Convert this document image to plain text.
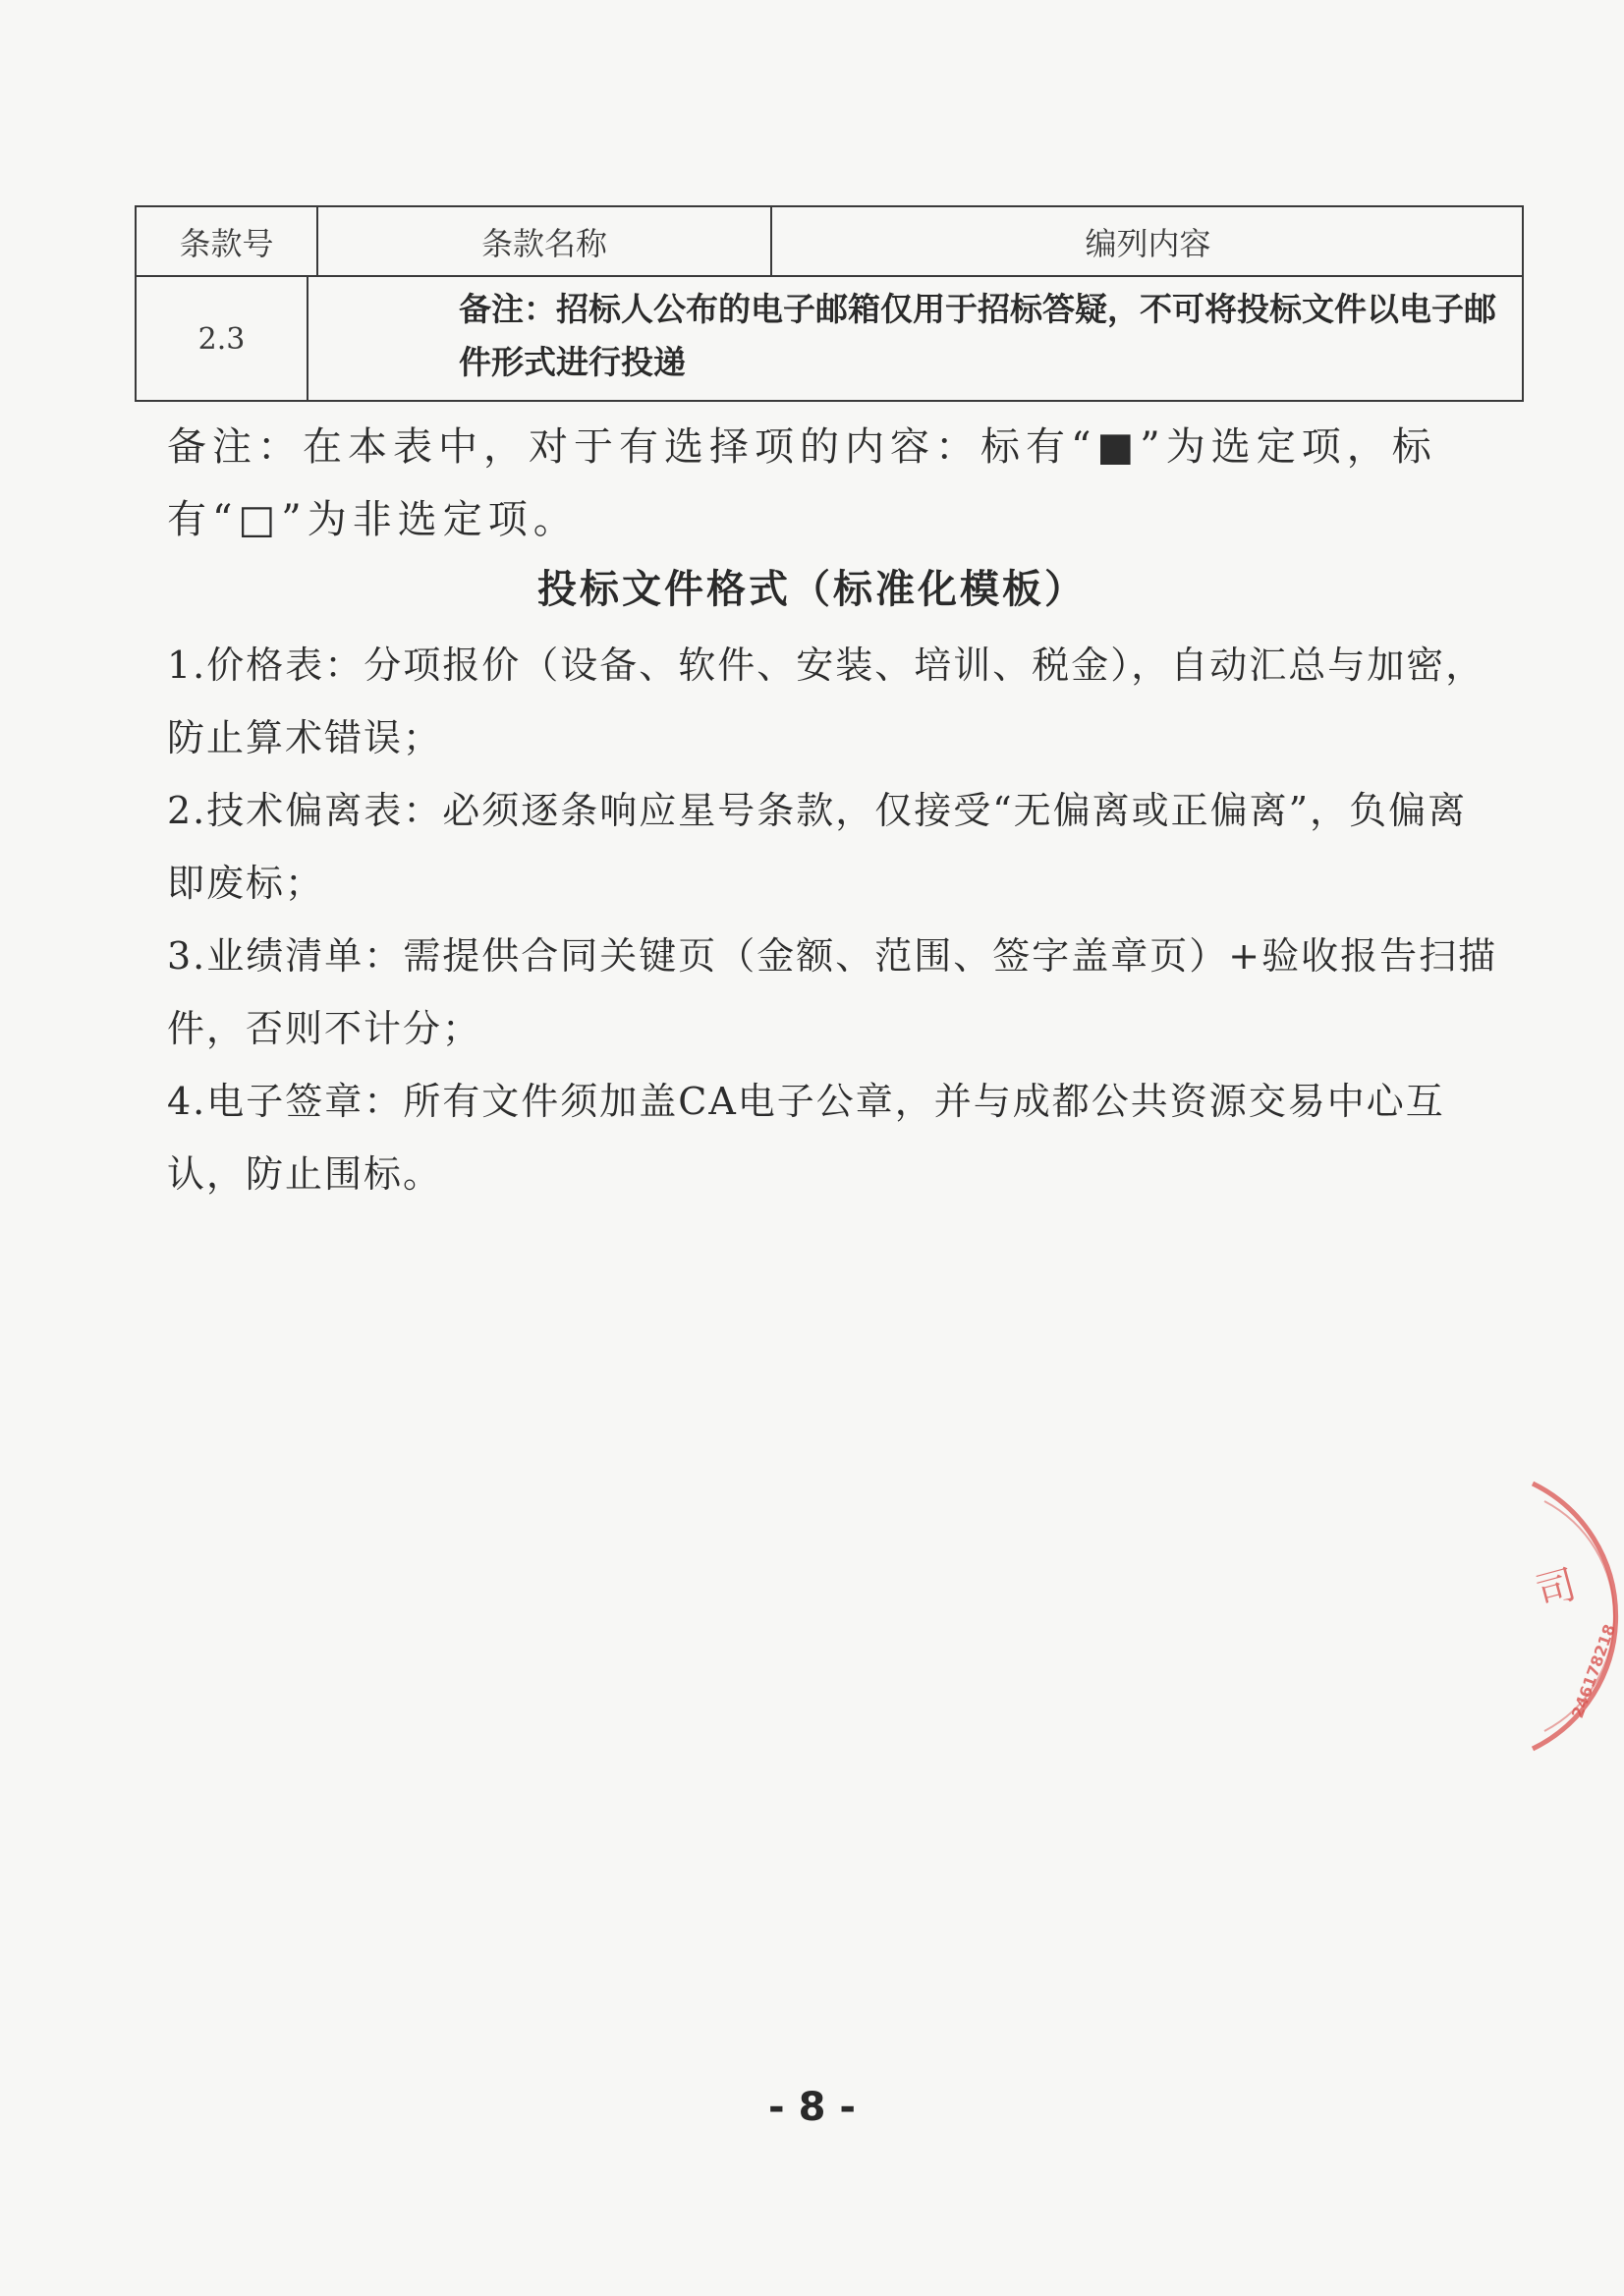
条款号	条款名称	编列内容
2.3
备注：招标人公布的电子邮箱仅用于招标答疑，不可将投标文件以电子邮件形式进行投递
备注：在本表中，对于有选择项的内容：标有“■”为选定项，标有“□”为非选定项。
投标文件格式（标准化模板）
1.价格表：分项报价（设备、软件、安装、培训、税金），自动汇总与加密，防止算术错误；
2.技术偏离表：必须逐条响应星号条款，仅接受“无偏离或正偏离”，负偏离即废标；
3.业绩清单：需提供合同关键页（金额、范围、签字盖章页）+验收报告扫描件，否则不计分；
4.电子签章：所有文件须加盖CA电子公章，并与成都公共资源交易中心互认，防止围标。
司
246178218
- 8 -
